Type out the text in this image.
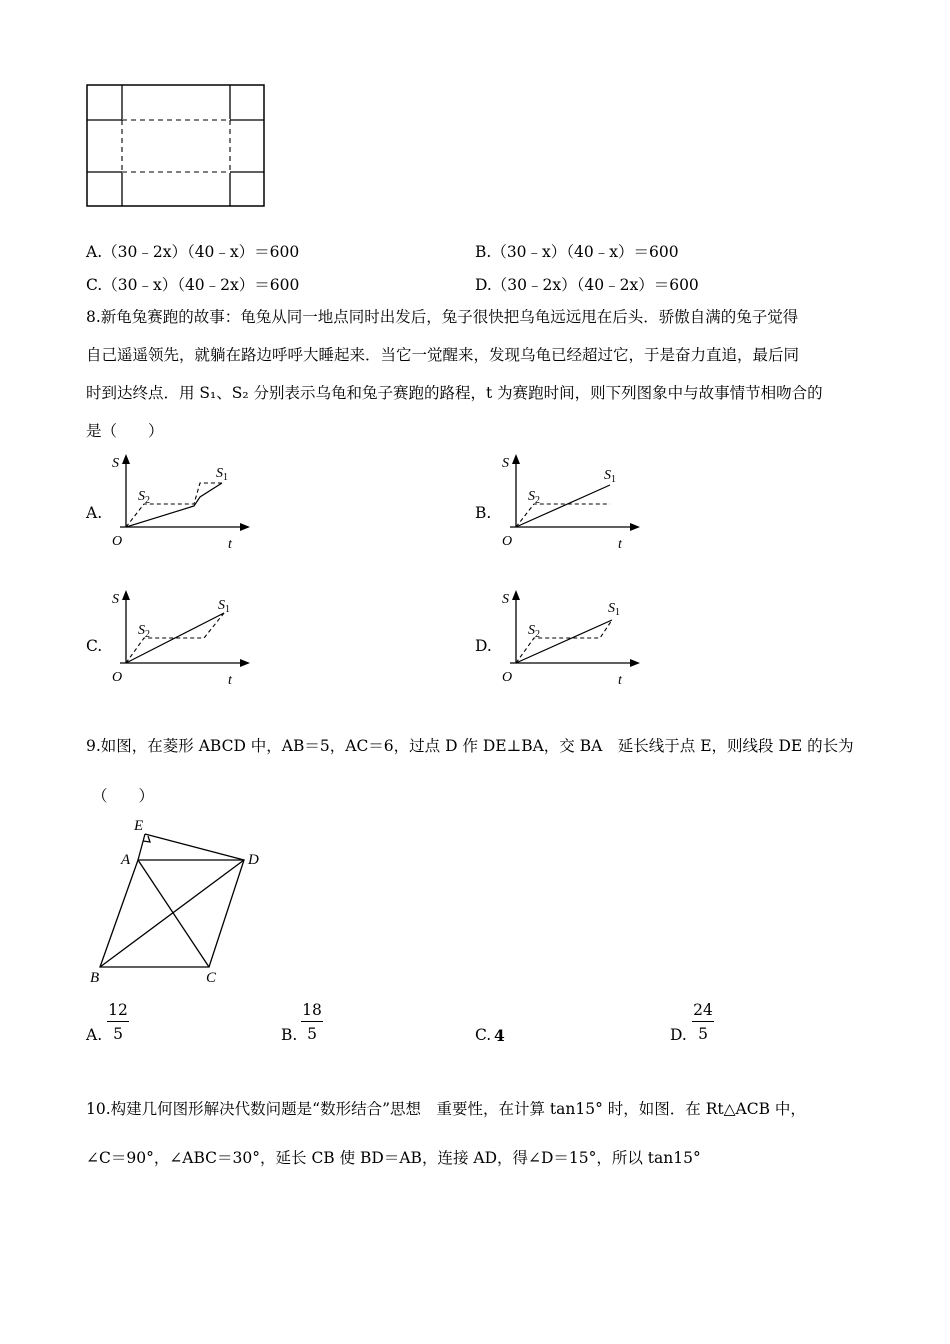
A.（30﹣2x）（40﹣x）＝600	B.（30﹣x）（40﹣x）＝600
C.（30﹣x）（40﹣2x）＝600	D.（30﹣2x）（40﹣2x）＝600
8.新龟兔赛跑的故事：龟兔从同一地点同时出发后，兔子很快把乌龟远远甩在后头．骄傲自满的兔子觉得
自己遥遥领先，就躺在路边呼呼大睡起来．当它一觉醒来，发现乌龟已经超过它，于是奋力直追，最后同
时到达终点．用 S₁、S₂ 分别表示乌龟和兔子赛跑的路程，t 为赛跑时间，则下列图象中与故事情节相吻合的
是（　　）
A.	B.
C.	D.
S
O	t
$S_1$
$S_2$
S
O	t
$S_1$
$S_2$
S
O	t
$S_1$
$S_2$
S
O	t
$S_1$
$S_2$
9.如图，在菱形 ABCD 中，AB＝5，AC＝6，过点 D 作 DE⊥BA，交 BA　延长线于点 E，则线段 DE 的长为
（　　）
E
A	D
B	C
A. $\frac{12}{5}$	B. $\frac{18}{5}$	C. 4	D. $\frac{24}{5}$
10.构建几何图形解决代数问题是“数形结合”思想　重要性，在计算 tan15° 时，如图．在 Rt△ACB 中，
∠C＝90°，∠ABC＝30°，延长 CB 使 BD＝AB，连接 AD，得∠D＝15°，所以 tan15°
